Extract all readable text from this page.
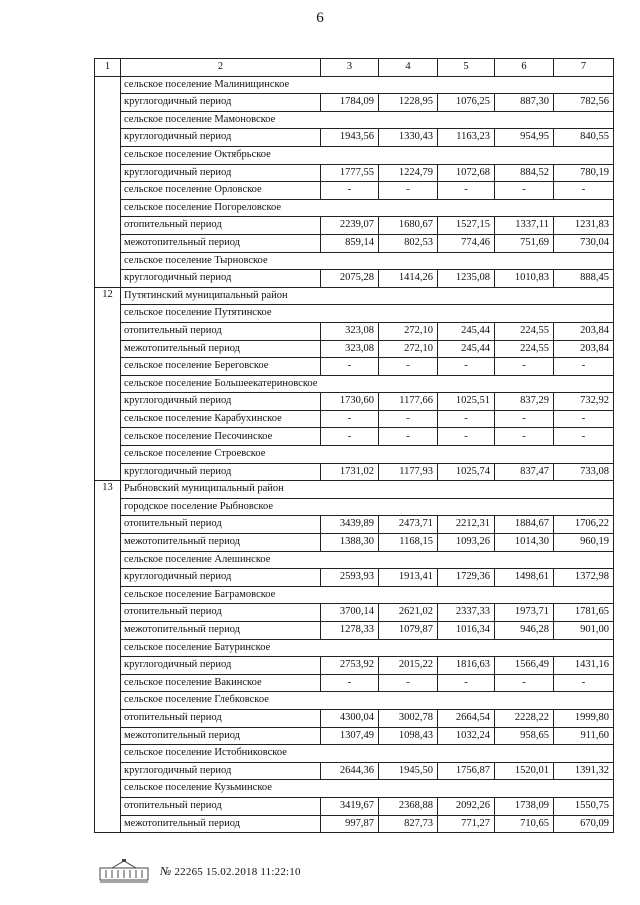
6
1	2	3	4	5	6	7
	сельское поселение Малинищинское					
	круглогодичный период	1784,09	1228,95	1076,25	887,30	782,56
	сельское поселение Мамоновское					
	круглогодичный период	1943,56	1330,43	1163,23	954,95	840,55
	сельское поселение Октябрьское					
	круглогодичный период	1777,55	1224,79	1072,68	884,52	780,19
	сельское поселение Орловское	-	-	-	-	-
	сельское поселение Погореловское					
	отопительный период	2239,07	1680,67	1527,15	1337,11	1231,83
	межотопительный период	859,14	802,53	774,46	751,69	730,04
	сельское поселение Тырновское					
	круглогодичный период	2075,28	1414,26	1235,08	1010,83	888,45
12	Путятинский муниципальный район					
	сельское поселение Путятинское					
	отопительный период	323,08	272,10	245,44	224,55	203,84
	межотопительный период	323,08	272,10	245,44	224,55	203,84
	сельское поселение Береговское	-	-	-	-	-
	сельское поселение Большеекатериновское					
	круглогодичный период	1730,60	1177,66	1025,51	837,29	732,92
	сельское поселение Карабухинское	-	-	-	-	-
	сельское поселение Песочинское	-	-	-	-	-
	сельское поселение Строевское					
	круглогодичный период	1731,02	1177,93	1025,74	837,47	733,08
13	Рыбновский муниципальный район					
	городское поселение Рыбновское					
	отопительный период	3439,89	2473,71	2212,31	1884,67	1706,22
	межотопительный период	1388,30	1168,15	1093,26	1014,30	960,19
	сельское поселение Алешинское					
	круглогодичный период	2593,93	1913,41	1729,36	1498,61	1372,98
	сельское поселение Баграмовское					
	отопительный период	3700,14	2621,02	2337,33	1973,71	1781,65
	межотопительный период	1278,33	1079,87	1016,34	946,28	901,00
	сельское поселение Батуринское					
	круглогодичный период	2753,92	2015,22	1816,63	1566,49	1431,16
	сельское поселение Вакинское	-	-	-	-	-
	сельское поселение Глебковское					
	отопительный период	4300,04	3002,78	2664,54	2228,22	1999,80
	межотопительный период	1307,49	1098,43	1032,24	958,65	911,60
	сельское поселение Истобниковское					
	круглогодичный период	2644,36	1945,50	1756,87	1520,01	1391,32
	сельское поселение Кузьминское					
	отопительный период	3419,67	2368,88	2092,26	1738,09	1550,75
	межотопительный период	997,87	827,73	771,27	710,65	670,09
№ 22265 15.02.2018 11:22:10
